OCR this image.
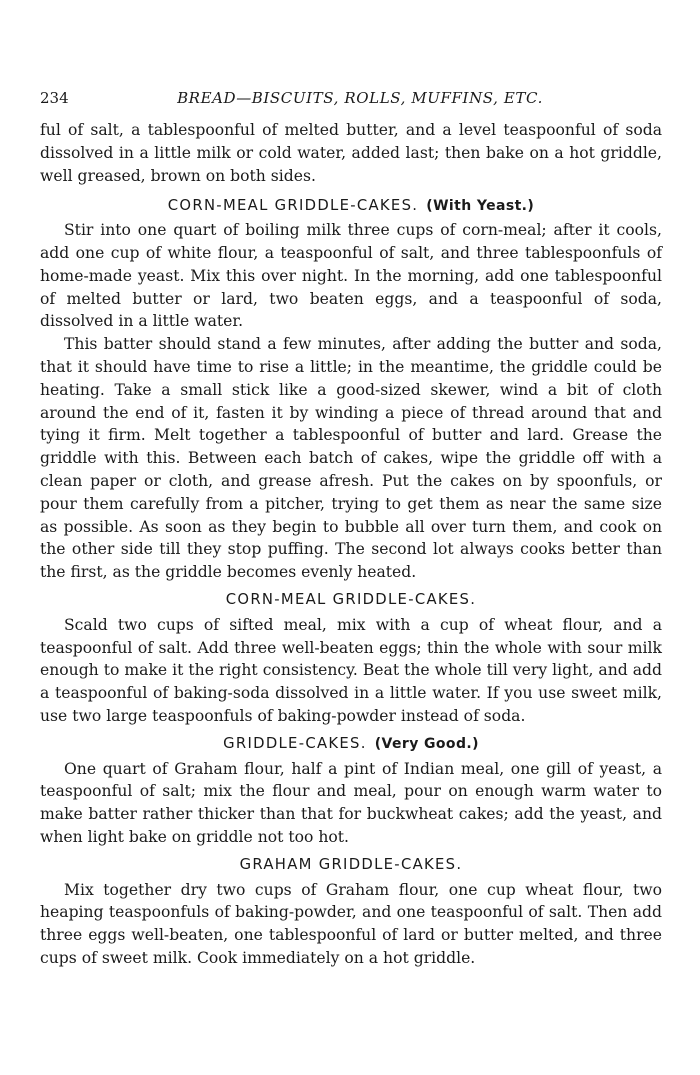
234	BREAD—BISCUITS, ROLLS, MUFFINS, ETC.

ful of salt, a tablespoonful of melted butter, and a level teaspoonful of soda dissolved in a little milk or cold water, added last; then bake on a hot griddle, well greased, brown on both sides.

CORN-MEAL GRIDDLE-CAKES. (With Yeast.)

Stir into one quart of boiling milk three cups of corn-meal; after it cools, add one cup of white flour, a teaspoonful of salt, and three tablespoonfuls of home-made yeast. Mix this over night. In the morning, add one tablespoonful of melted butter or lard, two beaten eggs, and a teaspoonful of soda, dissolved in a little water.

This batter should stand a few minutes, after adding the butter and soda, that it should have time to rise a little; in the meantime, the griddle could be heating. Take a small stick like a good-sized skewer, wind a bit of cloth around the end of it, fasten it by winding a piece of thread around that and tying it firm. Melt together a tablespoonful of butter and lard. Grease the griddle with this. Between each batch of cakes, wipe the griddle off with a clean paper or cloth, and grease afresh. Put the cakes on by spoonfuls, or pour them carefully from a pitcher, trying to get them as near the same size as possible. As soon as they begin to bubble all over turn them, and cook on the other side till they stop puffing. The second lot always cooks better than the first, as the griddle becomes evenly heated.

CORN-MEAL GRIDDLE-CAKES.

Scald two cups of sifted meal, mix with a cup of wheat flour, and a teaspoonful of salt. Add three well-beaten eggs; thin the whole with sour milk enough to make it the right consistency. Beat the whole till very light, and add a teaspoonful of baking-soda dissolved in a little water. If you use sweet milk, use two large teaspoonfuls of baking-powder instead of soda.

GRIDDLE-CAKES. (Very Good.)

One quart of Graham flour, half a pint of Indian meal, one gill of yeast, a teaspoonful of salt; mix the flour and meal, pour on enough warm water to make batter rather thicker than that for buckwheat cakes; add the yeast, and when light bake on griddle not too hot.

GRAHAM GRIDDLE-CAKES.

Mix together dry two cups of Graham flour, one cup wheat flour, two heaping teaspoonfuls of baking-powder, and one teaspoonful of salt. Then add three eggs well-beaten, one tablespoonful of lard or butter melted, and three cups of sweet milk. Cook immediately on a hot griddle.
